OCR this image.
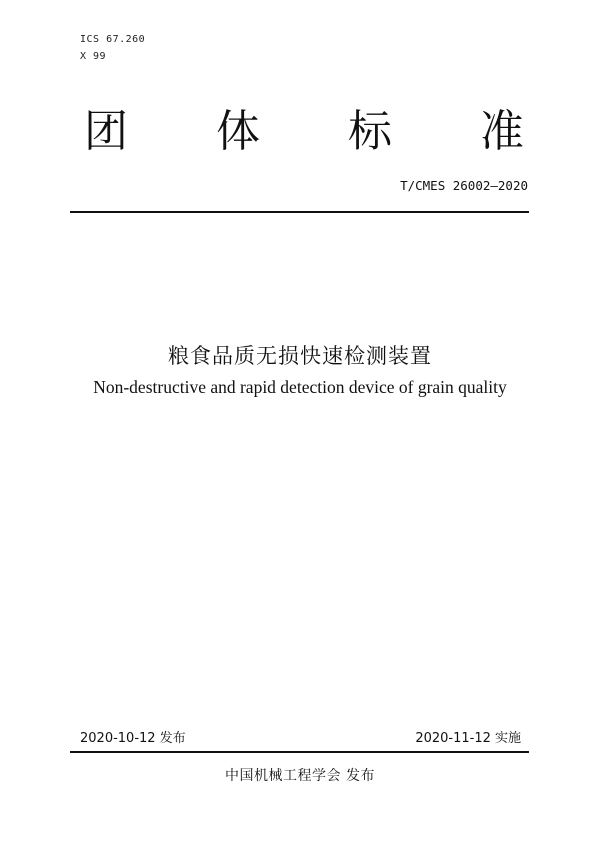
ICS 67.260
X 99
团 体 标 准
T/CMES 26002—2020
粮食品质无损快速检测装置
Non-destructive and rapid detection device of grain quality
2020-10-12 发布	2020-11-12 实施
中国机械工程学会 发布
